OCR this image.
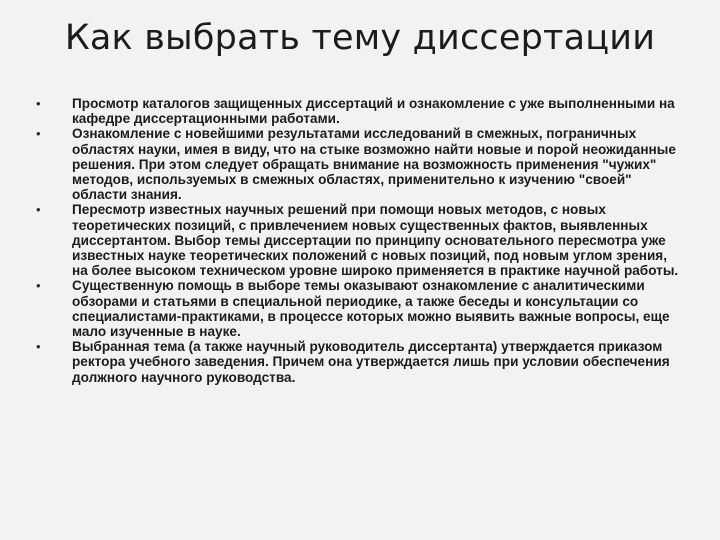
Как выбрать тему диссертации
• Просмотр каталогов защищенных диссертаций и ознакомление с уже выполненными на кафедре диссертационными работами.
• Ознакомление с новейшими результатами исследований в смежных, пограничных областях науки, имея в виду, что на стыке возможно найти новые и порой неожиданные решения. При этом следует обращать внимание на возможность применения "чужих" методов, используемых в смежных областях, применительно к изучению "своей" области знания.
• Пересмотр известных научных решений при помощи новых методов, с новых теоретических позиций, с привлечением новых существенных фактов, выявленных диссертантом. Выбор темы диссертации по принципу основательного пересмотра уже известных науке теоретических положений с новых позиций, под новым углом зрения, на более высоком техническом уровне широко применяется в практике научной работы.
• Существенную помощь в выборе темы оказывают ознакомление с аналитическими обзорами и статьями в специальной периодике, а также беседы и консультации со специалистами-практиками, в процессе которых можно выявить важные вопросы, еще мало изученные в науке.
• Выбранная тема (а также научный руководитель диссертанта) утверждается приказом ректора учебного заведения. Причем она утверждается лишь при условии обеспечения должного научного руководства.
